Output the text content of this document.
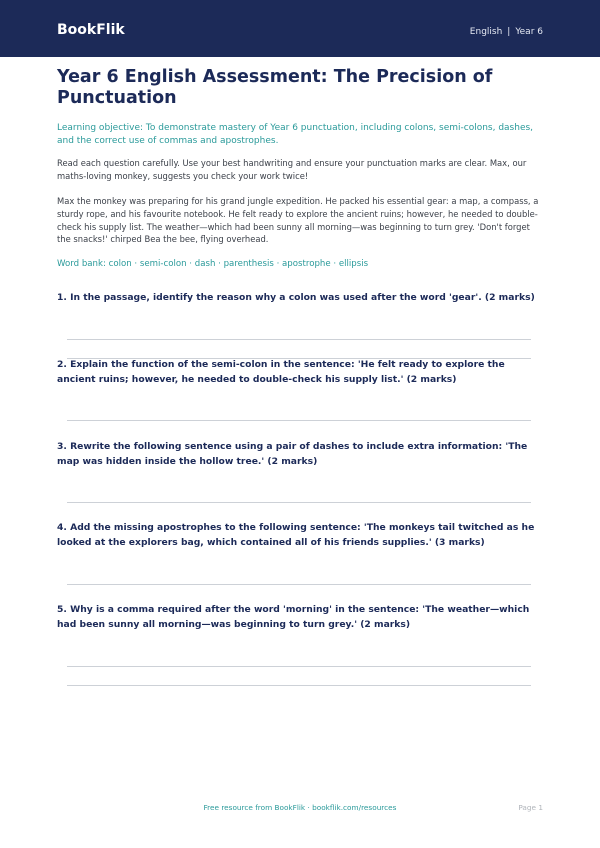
BookFlik	English | Year 6
Year 6 English Assessment: The Precision of Punctuation
Learning objective: To demonstrate mastery of Year 6 punctuation, including colons, semi-colons, dashes, and the correct use of commas and apostrophes.
Read each question carefully. Use your best handwriting and ensure your punctuation marks are clear. Max, our maths-loving monkey, suggests you check your work twice!
Max the monkey was preparing for his grand jungle expedition. He packed his essential gear: a map, a compass, a sturdy rope, and his favourite notebook. He felt ready to explore the ancient ruins; however, he needed to double-check his supply list. The weather—which had been sunny all morning—was beginning to turn grey. 'Don't forget the snacks!' chirped Bea the bee, flying overhead.
Word bank: colon · semi-colon · dash · parenthesis · apostrophe · ellipsis
1. In the passage, identify the reason why a colon was used after the word 'gear'. (2 marks)
2. Explain the function of the semi-colon in the sentence: 'He felt ready to explore the ancient ruins; however, he needed to double-check his supply list.' (2 marks)
3. Rewrite the following sentence using a pair of dashes to include extra information: 'The map was hidden inside the hollow tree.' (2 marks)
4. Add the missing apostrophes to the following sentence: 'The monkeys tail twitched as he looked at the explorers bag, which contained all of his friends supplies.' (3 marks)
5. Why is a comma required after the word 'morning' in the sentence: 'The weather—which had been sunny all morning—was beginning to turn grey.' (2 marks)
Free resource from BookFlik · bookflik.com/resources	Page 1
